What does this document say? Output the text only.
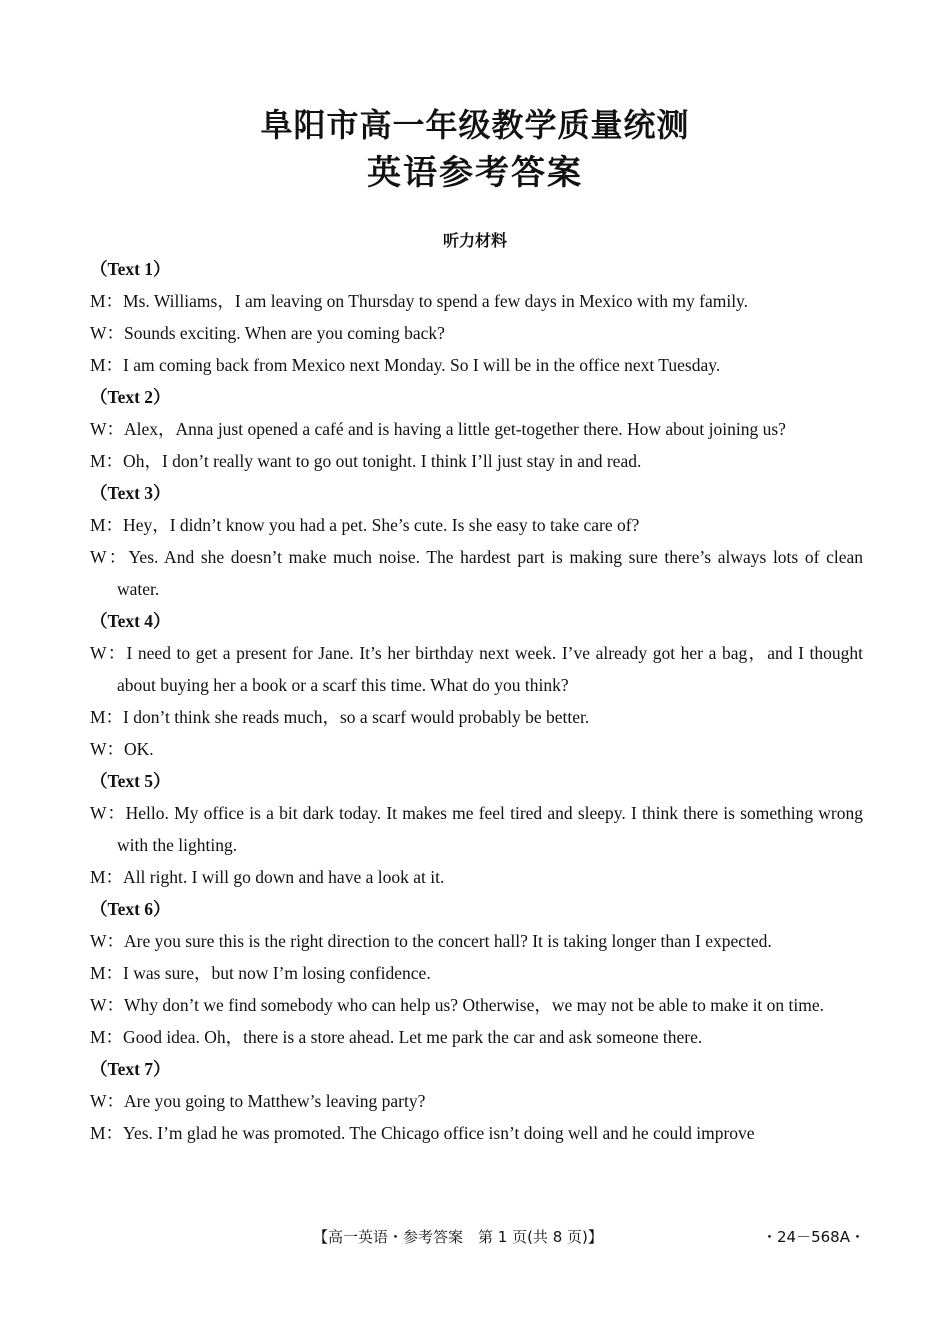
阜阳市高一年级教学质量统测
英语参考答案
听力材料
（Text 1）
M：Ms. Williams，I am leaving on Thursday to spend a few days in Mexico with my family.
W：Sounds exciting. When are you coming back?
M：I am coming back from Mexico next Monday. So I will be in the office next Tuesday.
（Text 2）
W：Alex，Anna just opened a café and is having a little get-together there. How about joining us?
M：Oh，I don’t really want to go out tonight. I think I’ll just stay in and read.
（Text 3）
M：Hey，I didn’t know you had a pet. She’s cute. Is she easy to take care of?
W：Yes. And she doesn’t make much noise. The hardest part is making sure there’s always lots of clean water.
（Text 4）
W：I need to get a present for Jane. It’s her birthday next week. I’ve already got her a bag，and I thought about buying her a book or a scarf this time. What do you think?
M：I don’t think she reads much，so a scarf would probably be better.
W：OK.
（Text 5）
W：Hello. My office is a bit dark today. It makes me feel tired and sleepy. I think there is something wrong with the lighting.
M：All right. I will go down and have a look at it.
（Text 6）
W：Are you sure this is the right direction to the concert hall? It is taking longer than I expected.
M：I was sure，but now I’m losing confidence.
W：Why don’t we find somebody who can help us? Otherwise，we may not be able to make it on time.
M：Good idea. Oh，there is a store ahead. Let me park the car and ask someone there.
（Text 7）
W：Are you going to Matthew’s leaving party?
M：Yes. I’m glad he was promoted. The Chicago office isn’t doing well and he could improve
【高一英语・参考答案　第 1 页(共 8 页)】	・24－568A・
